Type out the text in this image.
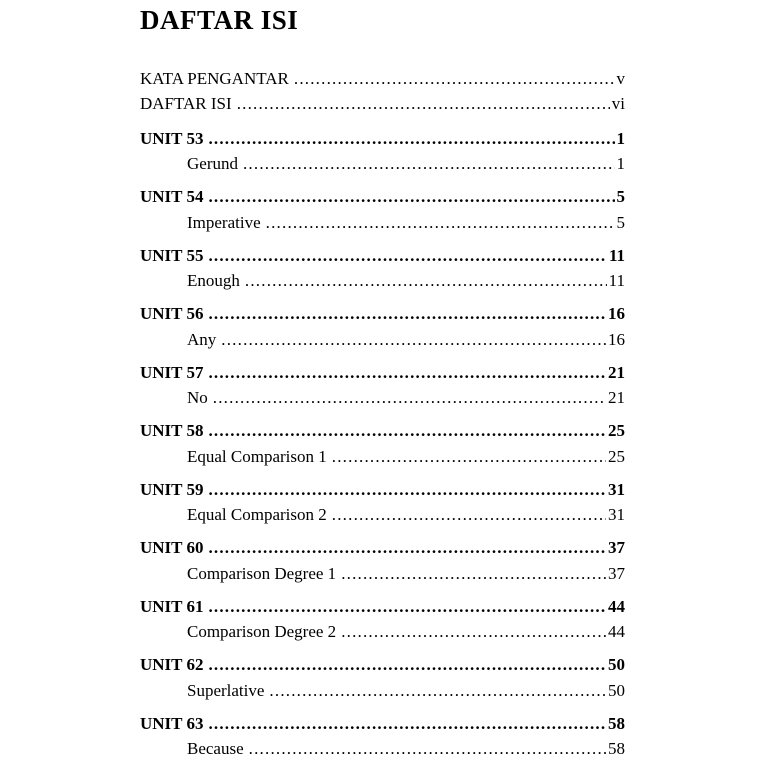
DAFTAR ISI
KATA PENGANTAR .....	v
DAFTAR ISI .....	vi
UNIT 53 .....	1
Gerund .....	1
UNIT 54 .....	5
Imperative .....	5
UNIT 55 .....	11
Enough .....	11
UNIT 56 .....	16
Any .....	16
UNIT 57 .....	21
No .....	21
UNIT 58 .....	25
Equal Comparison 1 .....	25
UNIT 59 .....	31
Equal Comparison 2 .....	31
UNIT 60 .....	37
Comparison Degree 1 .....	37
UNIT 61 .....	44
Comparison Degree 2 .....	44
UNIT 62 .....	50
Superlative .....	50
UNIT 63 .....	58
Because .....	58
